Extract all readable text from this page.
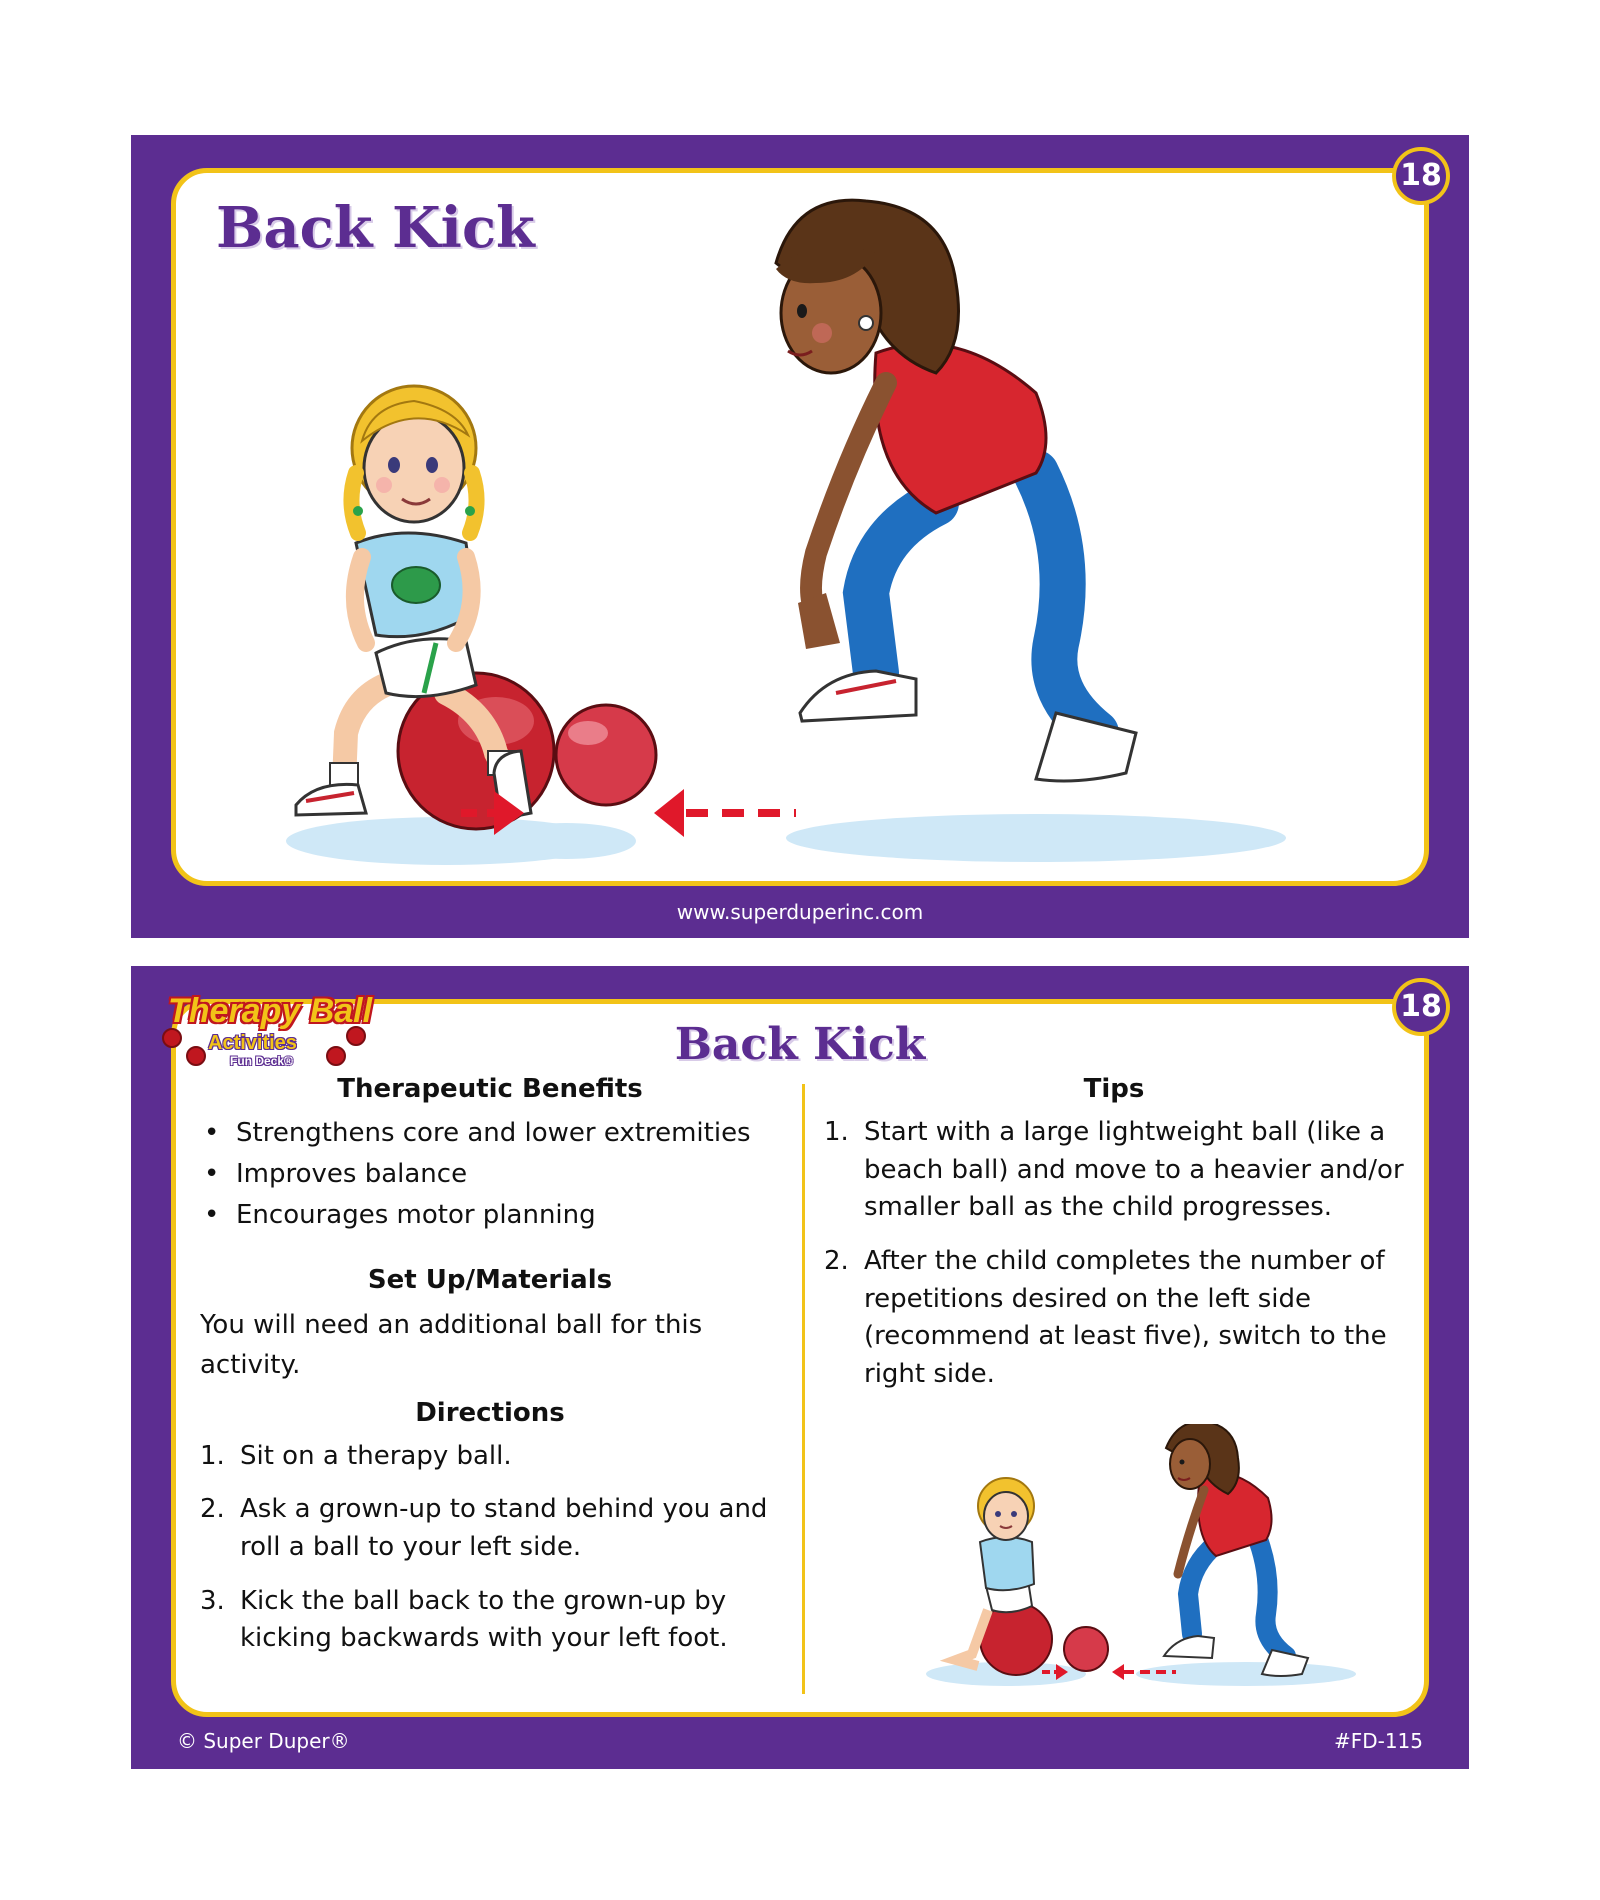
Back Kick
18
www.superduperinc.com
Therapy Ball
Activities
Fun Deck®	Back Kick
18
Therapeutic Benefits
• Strengthens core and lower extremities
• Improves balance
• Encourages motor planning
Set Up/Materials

You will need an additional ball for this activity.

Directions
1. Sit on a therapy ball.
2. Ask a grown-up to stand behind you and roll a ball to your left side.
3. Kick the ball back to the grown-up by kicking backwards with your left foot.
Tips
1. Start with a large lightweight ball (like a beach ball) and move to a heavier and/or smaller ball as the child progresses.
2. After the child completes the number of repetitions desired on the left side (recommend at least five), switch to the right side.
© Super Duper®	#FD-115
